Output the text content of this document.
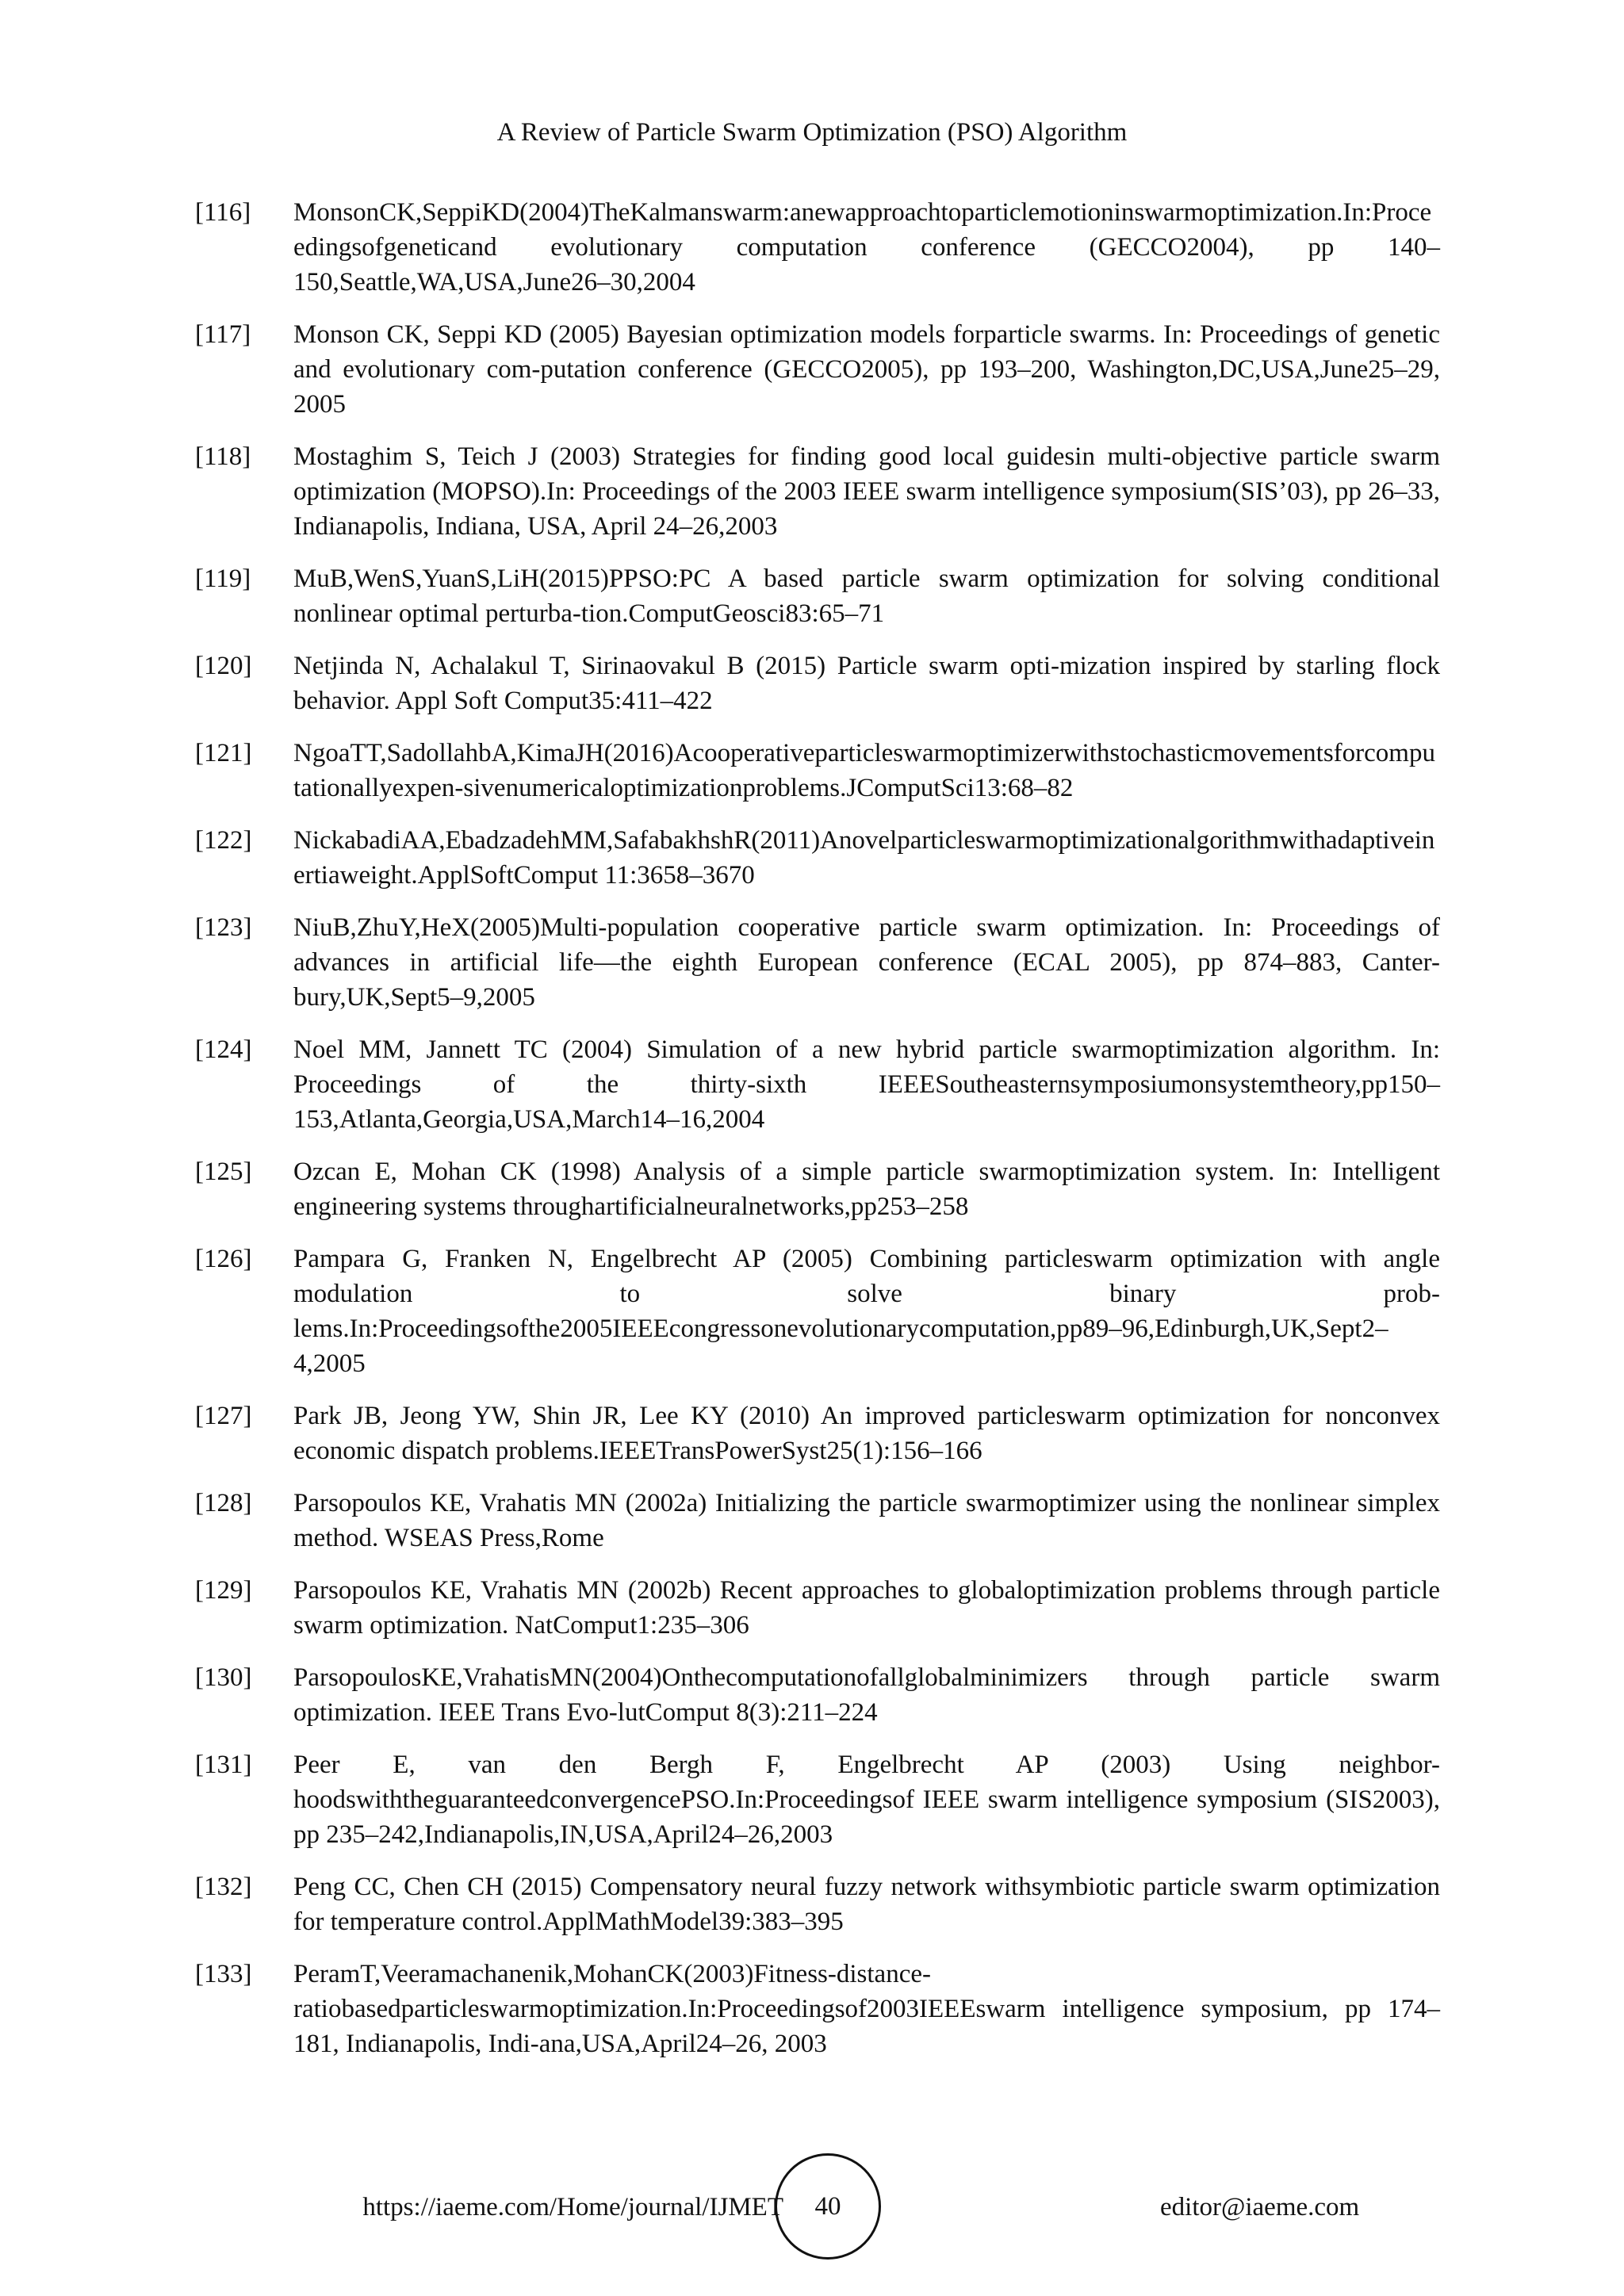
A Review of Particle Swarm Optimization (PSO) Algorithm
[116]	MonsonCK,SeppiKD(2004)TheKalmanswarm:anewapproachtoparticlemotioninswarmoptimization.In:Proceedingsofgeneticand evolutionary computation conference (GECCO2004), pp 140–150,Seattle,WA,USA,June26–30,2004
[117]	Monson CK, Seppi KD (2005) Bayesian optimization models forparticle swarms. In: Proceedings of genetic and evolutionary com-putation conference (GECCO2005), pp 193–200, Washington,DC,USA,June25–29, 2005
[118]	Mostaghim S, Teich J (2003) Strategies for finding good local guidesin multi-objective particle swarm optimization (MOPSO).In: Proceedings of the 2003 IEEE swarm intelligence symposium(SIS’03), pp 26–33, Indianapolis, Indiana, USA, April 24–26,2003
[119]	MuB,WenS,YuanS,LiH(2015)PPSO:PC A based particle swarm optimization for solving conditional nonlinear optimal perturba-tion.ComputGeosci83:65–71
[120]	Netjinda N, Achalakul T, Sirinaovakul B (2015) Particle swarm opti-mization inspired by starling flock behavior. Appl Soft Comput35:411–422
[121]	NgoaTT,SadollahbA,KimaJH(2016)Acooperativeparticleswarmoptimizerwithstochasticmovementsforcomputationallyexpen-sivenumericaloptimizationproblems.JComputSci13:68–82
[122]	NickabadiAA,EbadzadehMM,SafabakhshR(2011)Anovelparticleswarmoptimizationalgorithmwithadaptiveinertiaweight.ApplSoftComput 11:3658–3670
[123]	NiuB,ZhuY,HeX(2005)Multi-population cooperative particle swarm optimization. In: Proceedings of advances in artificial life—the eighth European conference (ECAL 2005), pp 874–883, Canter-bury,UK,Sept5–9,2005
[124]	Noel MM, Jannett TC (2004) Simulation of a new hybrid particle swarmoptimization algorithm. In: Proceedings of the thirty-sixth IEEESoutheasternsymposiumonsystemtheory,pp150–153,Atlanta,Georgia,USA,March14–16,2004
[125]	Ozcan E, Mohan CK (1998) Analysis of a simple particle swarmoptimization system. In: Intelligent engineering systems throughartificialneuralnetworks,pp253–258
[126]	Pampara G, Franken N, Engelbrecht AP (2005) Combining particleswarm optimization with angle modulation to solve binary prob-lems.In:Proceedingsofthe2005IEEEcongressonevolutionarycomputation,pp89–96,Edinburgh,UK,Sept2–4,2005
[127]	Park JB, Jeong YW, Shin JR, Lee KY (2010) An improved particleswarm optimization for nonconvex economic dispatch problems.IEEETransPowerSyst25(1):156–166
[128]	Parsopoulos KE, Vrahatis MN (2002a) Initializing the particle swarmoptimizer using the nonlinear simplex method. WSEAS Press,Rome
[129]	Parsopoulos KE, Vrahatis MN (2002b) Recent approaches to globaloptimization problems through particle swarm optimization. NatComput1:235–306
[130]	ParsopoulosKE,VrahatisMN(2004)Onthecomputationofallglobalminimizers through particle swarm optimization. IEEE Trans Evo-lutComput 8(3):211–224
[131]	Peer E, van den Bergh F, Engelbrecht AP (2003) Using neighbor-hoodswiththeguaranteedconvergencePSO.In:Proceedingsof IEEE swarm intelligence symposium (SIS2003), pp 235–242,Indianapolis,IN,USA,April24–26,2003
[132]	Peng CC, Chen CH (2015) Compensatory neural fuzzy network withsymbiotic particle swarm optimization for temperature control.ApplMathModel39:383–395
[133]	PeramT,Veeramachanenik,MohanCK(2003)Fitness-distance-ratiobasedparticleswarmoptimization.In:Proceedingsof2003IEEEswarm intelligence symposium, pp 174–181, Indianapolis, Indi-ana,USA,April24–26, 2003
https://iaeme.com/Home/journal/IJMET	40	editor@iaeme.com
